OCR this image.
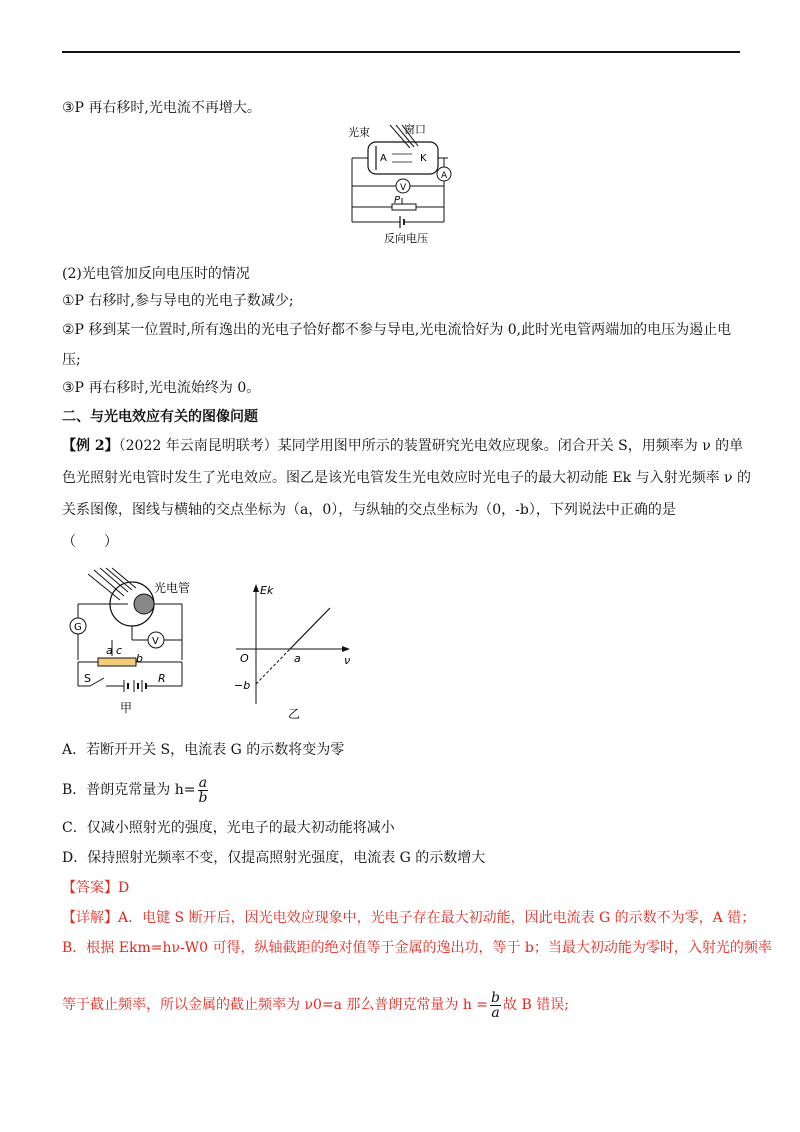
③P 再右移时,光电流不再增大。
光束	窗口
A	K
A
V
P
反向电压
(2)光电管加反向电压时的情况
①P 右移时,参与导电的光电子数减少;
②P 移到某一位置时,所有逸出的光电子恰好都不参与导电,光电流恰好为 0,此时光电管两端加的电压为遏止电
压;
③P 再右移时,光电流始终为 0。
二、与光电效应有关的图像问题
【例 2】（2022 年云南昆明联考）某同学用图甲所示的装置研究光电效应现象。闭合开关 S，用频率为 ν 的单
色光照射光电管时发生了光电效应。图乙是该光电管发生光电效应时光电子的最大初动能 Ek 与入射光频率 ν 的
关系图像，图线与横轴的交点坐标为（a，0），与纵轴的交点坐标为（0，-b），下列说法中正确的是
（　　）
光电管
G
V
a c
b
S	R
甲
Ek
O	ν
a
−b
乙
A．若断开开关 S，电流表 G 的示数将变为零
B．普朗克常量为 $h= \frac{a}{b}$
C．仅减小照射光的强度，光电子的最大初动能将减小
D．保持照射光频率不变，仅提高照射光强度，电流表 G 的示数增大
【答案】D
【详解】A．电键 S 断开后，因光电效应现象中，光电子存在最大初动能，因此电流表 G 的示数不为零，A 错；
B．根据 Ekm=hν-W0 可得，纵轴截距的绝对值等于金属的逸出功，等于 b；当最大初动能为零时，入射光的频率
等于截止频率，所以金属的截止频率为 ν0=a 那么普朗克常量为 $h = \frac{b}{a}$ 故 B 错误;
